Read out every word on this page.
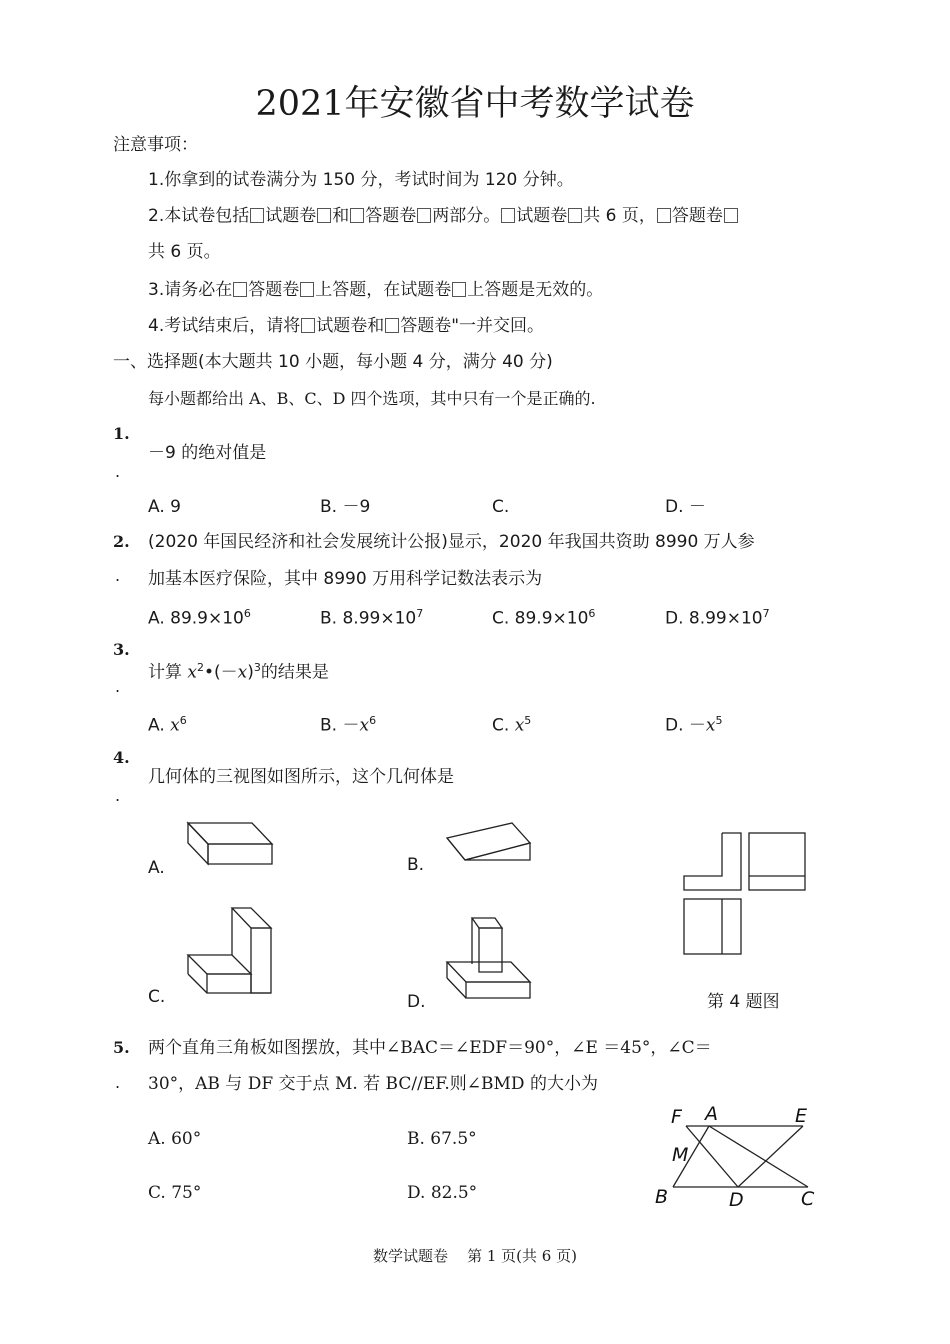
2021年安徽省中考数学试卷
注意事项：
1.你拿到的试卷满分为 150 分，考试时间为 120 分钟。
2.本试卷包括 试题卷 和 答题卷 两部分。 试题卷 共 6 页， 答题卷
共 6 页。
3.请务必在 答题卷 上答题，在试题卷 上答题是无效的。
4.考试结束后，请将 试题卷和 答题卷"一并交回。
一、选择题(本大题共 10 小题，每小题 4 分，满分 40 分)
每小题都给出 A、B、C、D 四个选项，其中只有一个是正确的.
1.
.
－9 的绝对值是
A. 9	B. －9	C.	D. －
2.
.
(2020 年国民经济和社会发展统计公报)显示，2020 年我国共资助 8990 万人参
加基本医疗保险，其中 8990 万用科学记数法表示为
A. $89.9\times 10^6$	B. $8.99\times 10^7$	C. $89.9\times 10^6$	D. $8.99\times 10^7$
3.
.
计算 $x^2•(-x)^3$的结果是
A. $x^6$	B. $-x^6$	C. $x^5$	D. $-x^5$
4.
.
几何体的三视图如图所示，这个几何体是
A.	B.
C.	D.	第 4 题图
5.
.
两个直角三角板如图摆放，其中∠BAC＝∠EDF＝90°，∠E ＝45°，∠C＝
30°，AB 与 DF 交于点 M. 若 BC//EF.则∠BMD 的大小为
A. 60°	B. 67.5°
C. 75°	D. 82.5°
F A	E
M
B	D	C
数学试题卷    第 1 页(共 6 页)
